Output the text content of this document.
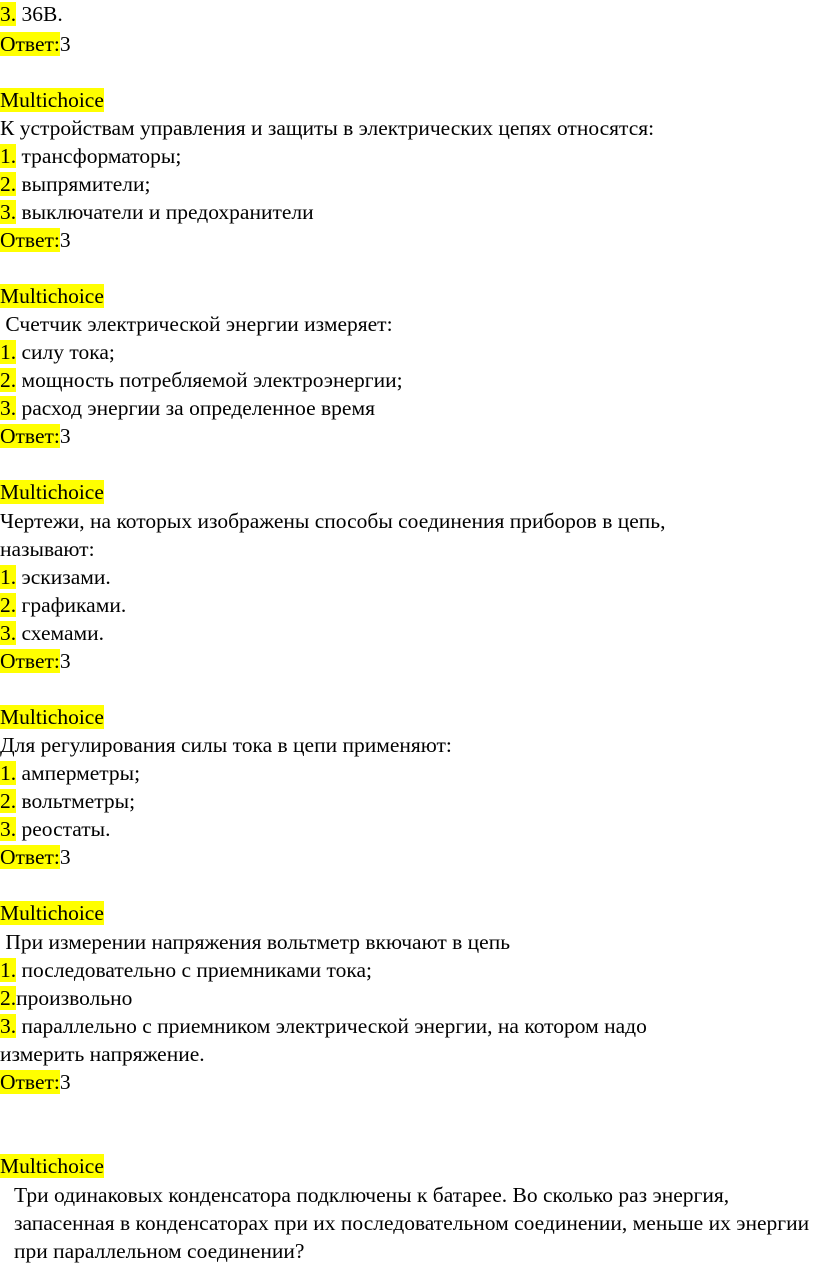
3. 36В.
Ответ:3
Multichoice
К устройствам управления и защиты в электрических цепях относятся:
1. трансформаторы;
2. выпрямители;
3. выключатели и предохранители
Ответ:3
Multichoice
Счетчик электрической энергии измеряет:
1. силу тока;
2. мощность потребляемой электроэнергии;
3. расход энергии за определенное время
Ответ:3
Multichoice
Чертежи, на которых изображены способы соединения приборов в цепь,
называют:
1. эскизами.
2. графиками.
3. схемами.
Ответ:3
Multichoice
Для регулирования силы тока в цепи применяют:
1. амперметры;
2. вольтметры;
3. реостаты.
Ответ:3
Multichoice
При измерении напряжения вольтметр вкючают в цепь
1. последовательно с приемниками тока;
2.произвольно
3. параллельно с приемником электрической энергии, на котором надо
измерить напряжение.
Ответ:3
Multichoice
Три одинаковых конденсатора подключены к батарее. Во сколько раз энергия, запасенная в конденсаторах при их последовательном соединении, меньше их энергии при параллельном соединении?
